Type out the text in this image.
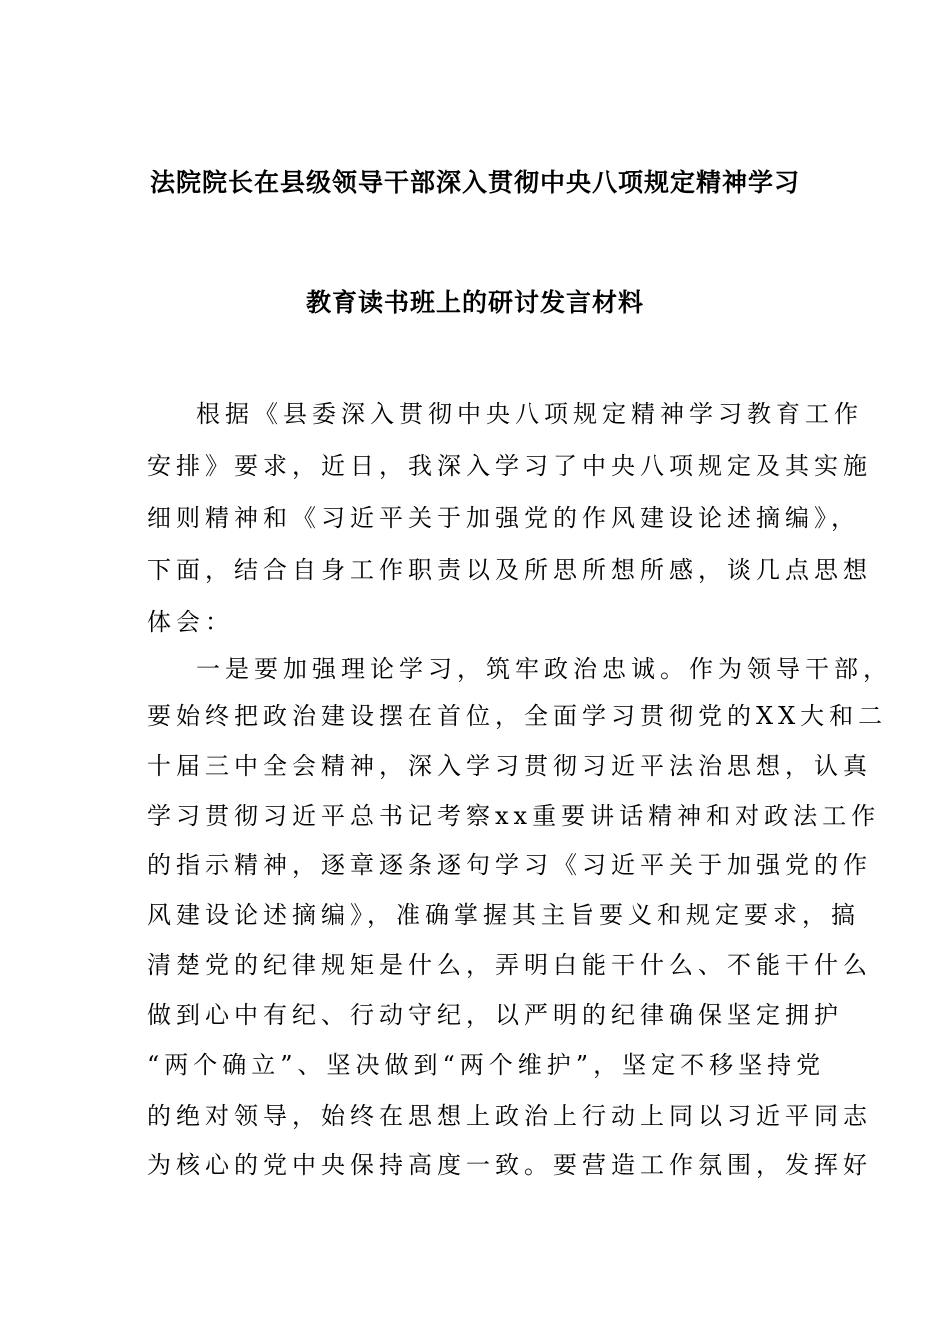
法院院长在县级领导干部深入贯彻中央八项规定精神学习
教育读书班上的研讨发言材料

根据《县委深入贯彻中央八项规定精神学习教育工作

安排》要求，近日，我深入学习了中央八项规定及其实施

细则精神和《习近平关于加强党的作风建设论述摘编》，

下面，结合自身工作职责以及所思所想所感，谈几点思想

体会：

一是要加强理论学习，筑牢政治忠诚。作为领导干部，

要始终把政治建设摆在首位，全面学习贯彻党的XX大和二

十届三中全会精神，深入学习贯彻习近平法治思想，认真

学习贯彻习近平总书记考察xx重要讲话精神和对政法工作

的指示精神，逐章逐条逐句学习《习近平关于加强党的作

风建设论述摘编》，准确掌握其主旨要义和规定要求，搞

清楚党的纪律规矩是什么，弄明白能干什么、不能干什么

做到心中有纪、行动守纪，以严明的纪律确保坚定拥护

“两个确立”、坚决做到“两个维护”，坚定不移坚持党

的绝对领导，始终在思想上政治上行动上同以习近平同志

为核心的党中央保持高度一致。要营造工作氛围，发挥好
